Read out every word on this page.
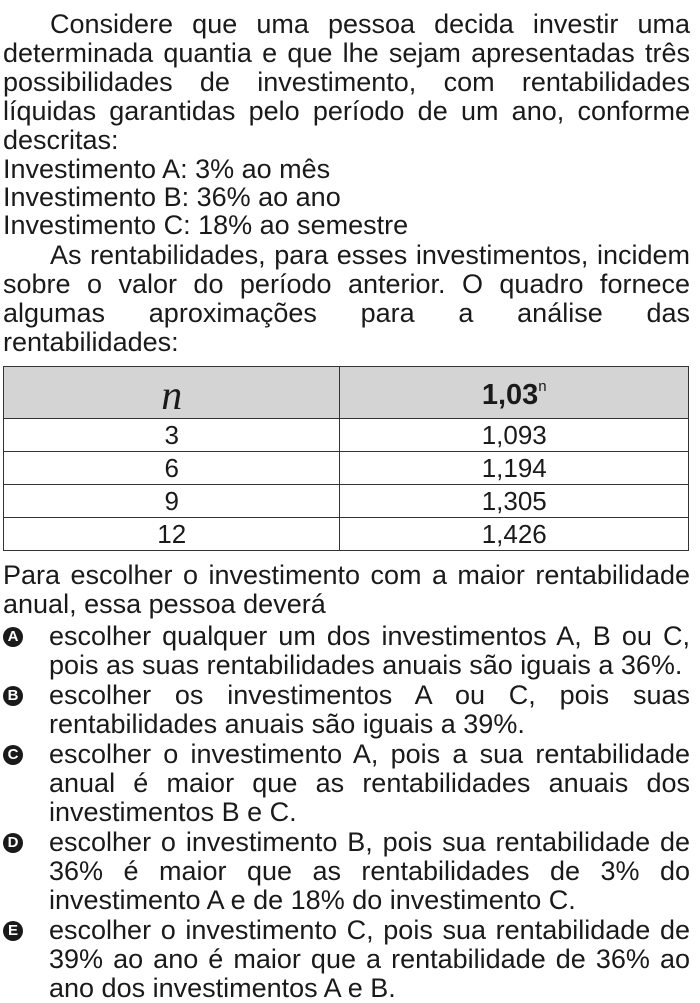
Considere que uma pessoa decida investir uma determinada quantia e que lhe sejam apresentadas três possibilidades de investimento, com rentabilidades líquidas garantidas pelo período de um ano, conforme descritas:

Investimento A: 3% ao mês
Investimento B: 36% ao ano
Investimento C: 18% ao semestre

As rentabilidades, para esses investimentos, incidem sobre o valor do período anterior. O quadro fornece algumas aproximações para a análise das rentabilidades:

n	1,03$^n$
3	1,093
6	1,194
9	1,305
12	1,426

Para escolher o investimento com a maior rentabilidade anual, essa pessoa deverá

A escolher qualquer um dos investimentos A, B ou C, pois as suas rentabilidades anuais são iguais a 36%.
B escolher os investimentos A ou C, pois suas rentabilidades anuais são iguais a 39%.
C escolher o investimento A, pois a sua rentabilidade anual é maior que as rentabilidades anuais dos investimentos B e C.
D escolher o investimento B, pois sua rentabilidade de 36% é maior que as rentabilidades de 3% do investimento A e de 18% do investimento C.
E escolher o investimento C, pois sua rentabilidade de 39% ao ano é maior que a rentabilidade de 36% ao ano dos investimentos A e B.
